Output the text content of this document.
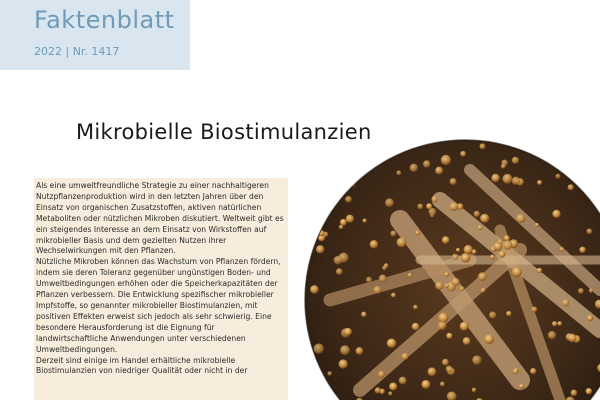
Faktenblatt
2022 | Nr. 1417
Mikrobielle Biostimulanzien

Als eine umweltfreundliche Strategie zu einer nachhaltigeren Nutzpflanzenproduktion wird in den letzten Jahren über den Einsatz von organischen Zusatzstoffen, aktiven natürlichen Metaboliten oder nützlichen Mikroben diskutiert. Weltweit gibt es ein steigendes Interesse an dem Einsatz von Wirkstoffen auf mikrobieller Basis und dem gezielten Nutzen ihrer Wechselwirkungen mit den Pflanzen.

Nützliche Mikroben können das Wachstum von Pflanzen fördern, indem sie deren Toleranz gegenüber ungünstigen Boden- und Umweltbedingungen erhöhen oder die Speicherkapazitäten der Pflanzen verbessern. Die Entwicklung spezifischer mikrobieller Impfstoffe, so genannter mikrobieller Biostimulanzien, mit positiven Effekten erweist sich jedoch als sehr schwierig. Eine besondere Herausforderung ist die Eignung für landwirtschaftliche Anwendungen unter verschiedenen Umweltbedingungen.

Derzeit sind einige im Handel erhältliche mikrobielle Biostimulanzien von niedriger Qualität oder nicht in der
